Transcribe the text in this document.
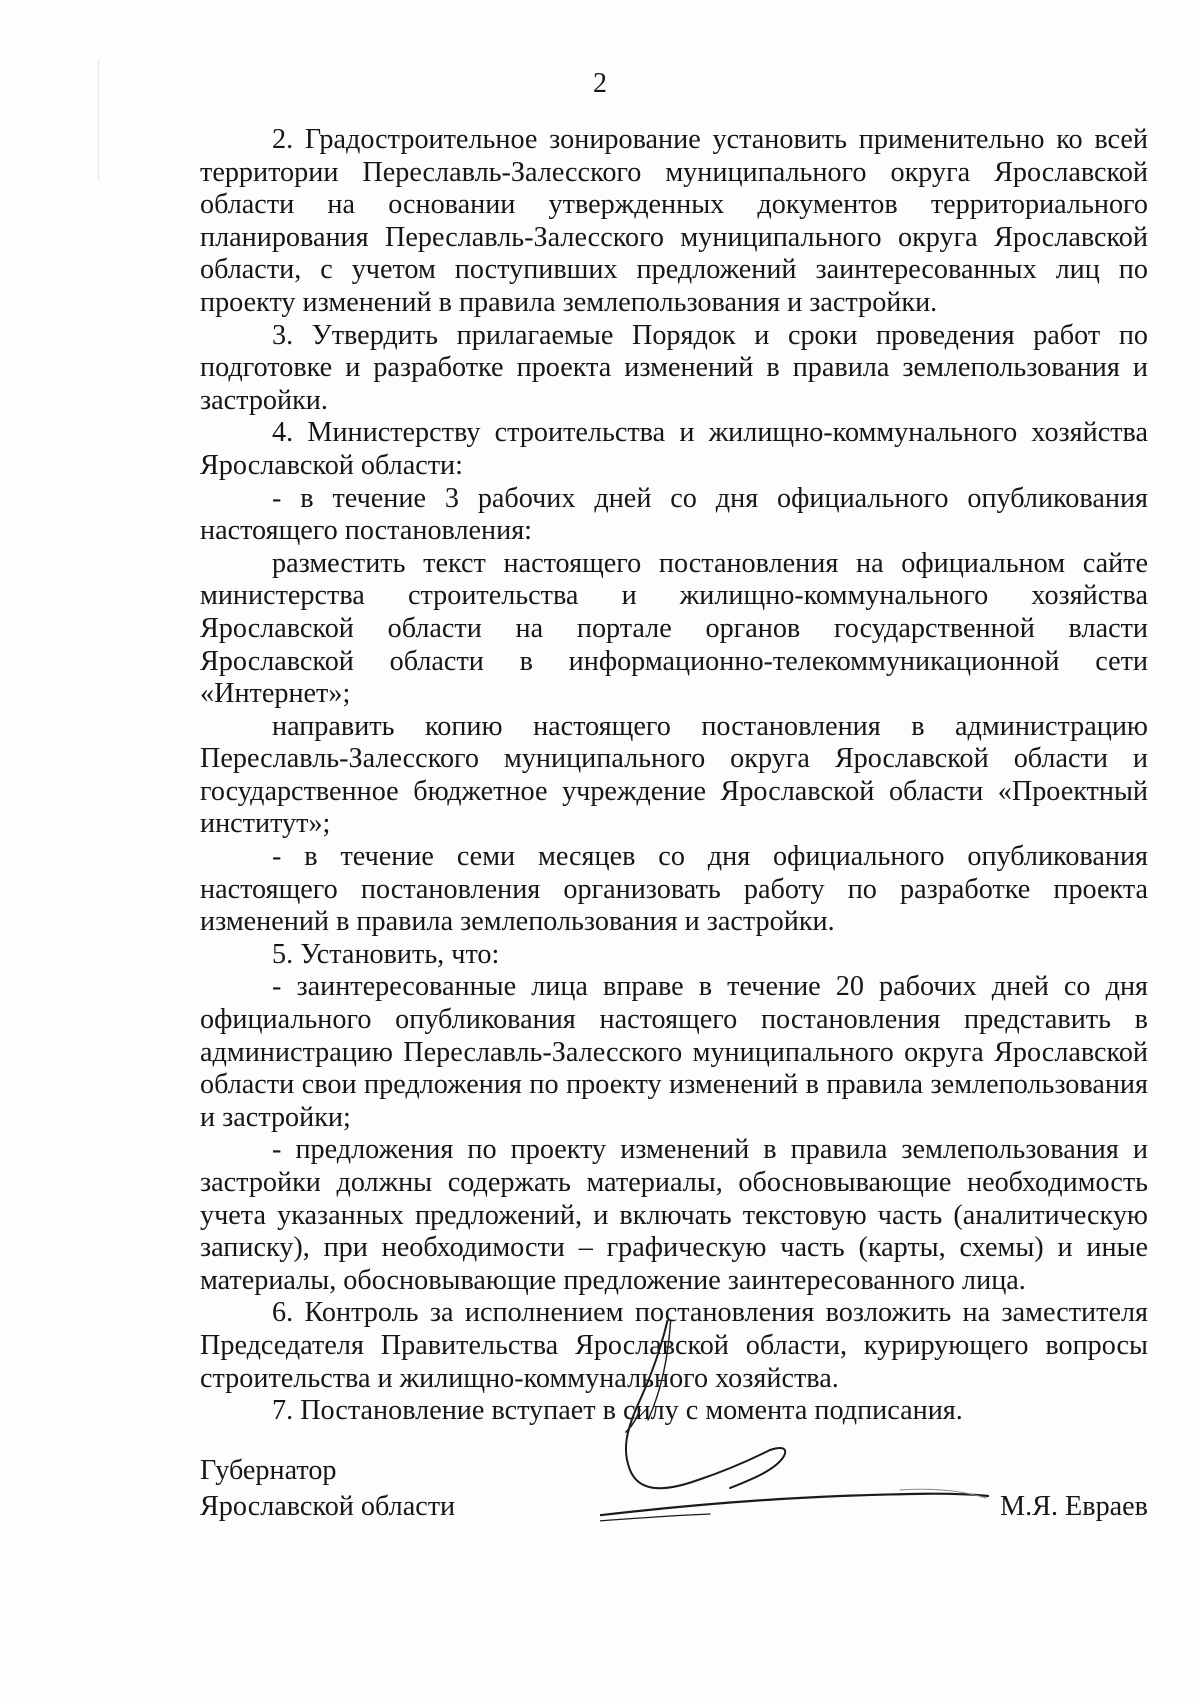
2

2. Градостроительное зонирование установить применительно ко всей территории Переславль-Залесского муниципального округа Ярославской области на основании утвержденных документов территориального планирования Переславль-Залесского муниципального округа Ярославской области, с учетом поступивших предложений заинтересованных лиц по проекту изменений в правила землепользования и застройки.

3. Утвердить прилагаемые Порядок и сроки проведения работ по подготовке и разработке проекта изменений в правила землепользования и застройки.

4. Министерству строительства и жилищно-коммунального хозяйства Ярославской области:

- в течение 3 рабочих дней со дня официального опубликования настоящего постановления:

разместить текст настоящего постановления на официальном сайте министерства строительства и жилищно-коммунального хозяйства Ярославской области на портале органов государственной власти Ярославской области в информационно-телекоммуникационной сети «Интернет»;

направить копию настоящего постановления в администрацию Переславль-Залесского муниципального округа Ярославской области и государственное бюджетное учреждение Ярославской области «Проектный институт»;

- в течение семи месяцев со дня официального опубликования настоящего постановления организовать работу по разработке проекта изменений в правила землепользования и застройки.

5. Установить, что:

- заинтересованные лица вправе в течение 20 рабочих дней со дня официального опубликования настоящего постановления представить в администрацию Переславль-Залесского муниципального округа Ярославской области свои предложения по проекту изменений в правила землепользования и застройки;

- предложения по проекту изменений в правила землепользования и застройки должны содержать материалы, обосновывающие необходимость учета указанных предложений, и включать текстовую часть (аналитическую записку), при необходимости – графическую часть (карты, схемы) и иные материалы, обосновывающие предложение заинтересованного лица.

6. Контроль за исполнением постановления возложить на заместителя Председателя Правительства Ярославской области, курирующего вопросы строительства и жилищно-коммунального хозяйства.

7. Постановление вступает в силу с момента подписания.

Губернатор
Ярославской области	М.Я. Евраев
